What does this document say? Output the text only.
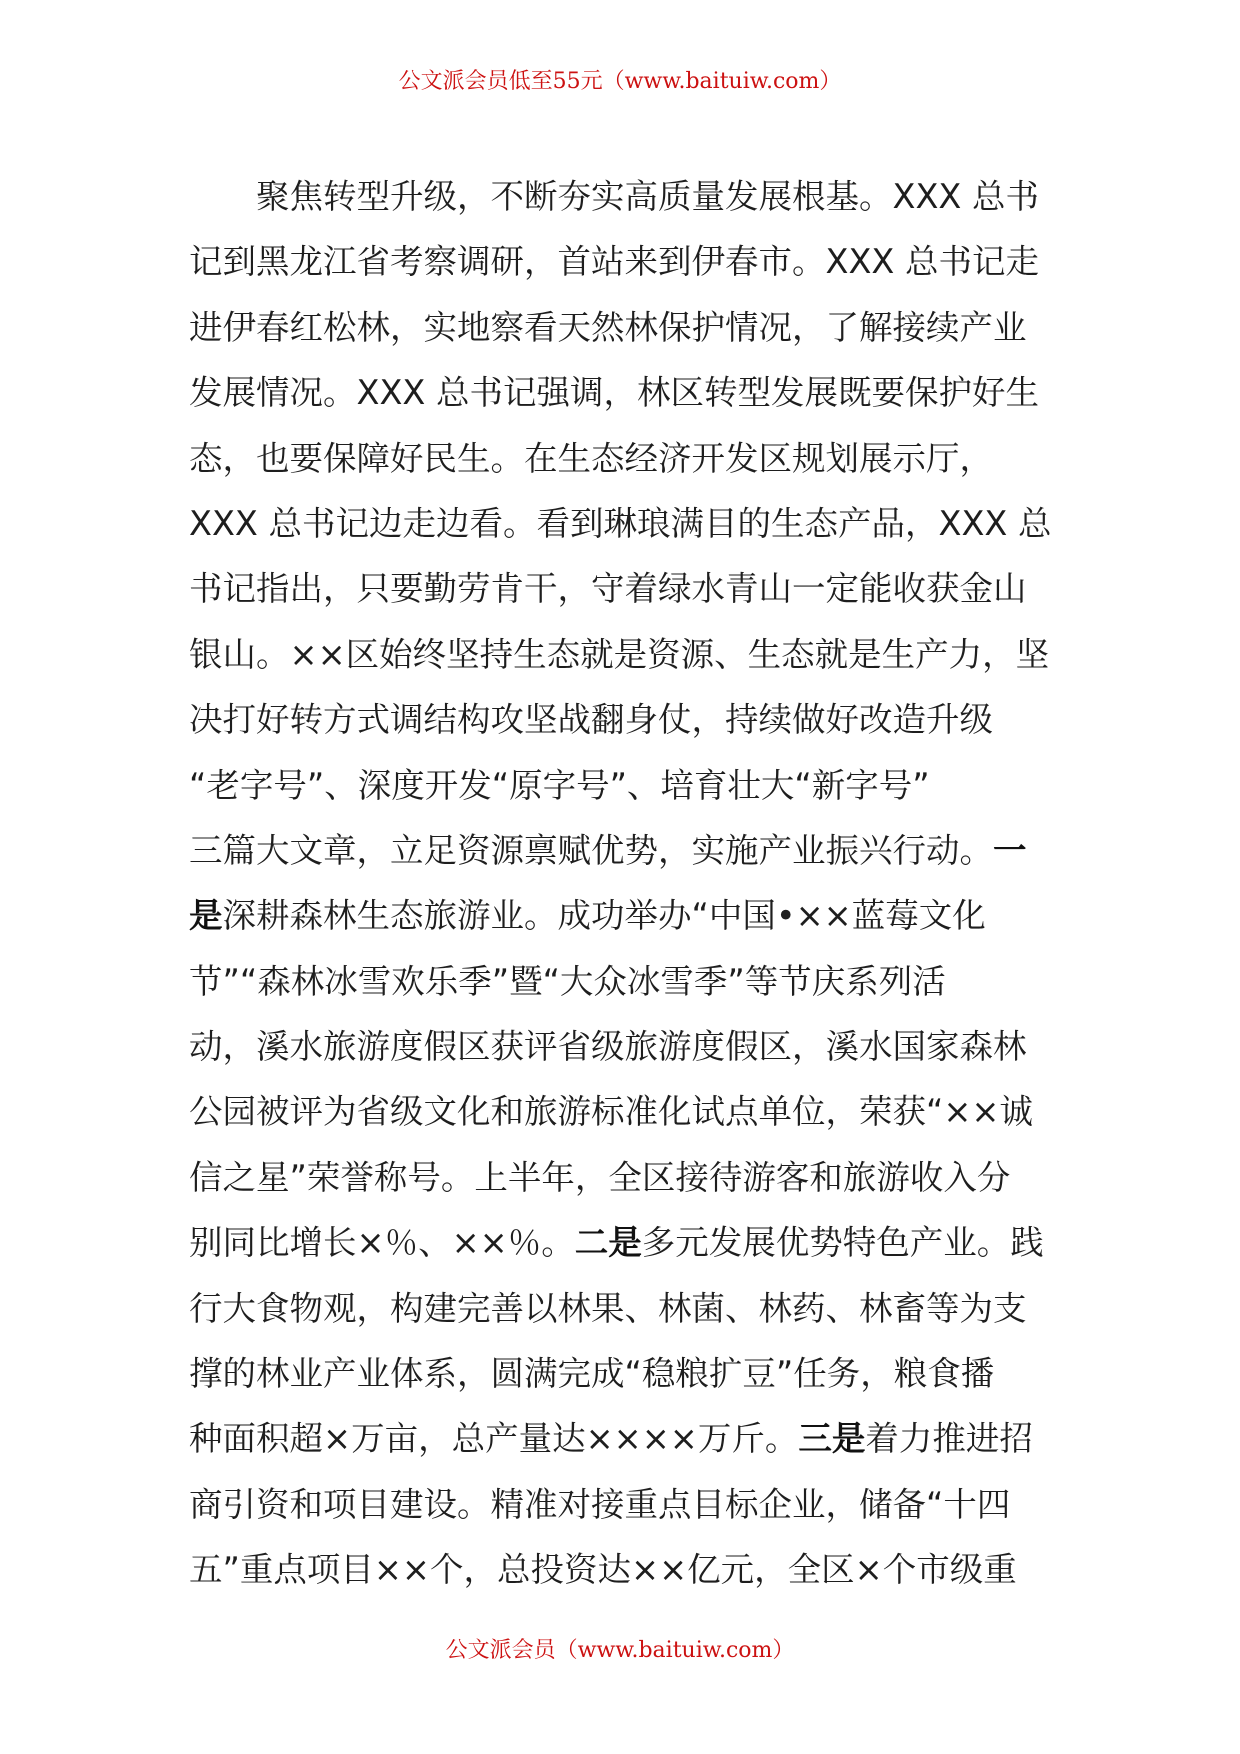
公文派会员低至55元（www.baituiw.com）
聚焦转型升级，不断夯实高质量发展根基。XXX 总书
记到黑龙江省考察调研，首站来到伊春市。XXX 总书记走
进伊春红松林，实地察看天然林保护情况，了解接续产业
发展情况。XXX 总书记强调，林区转型发展既要保护好生
态，也要保障好民生。在生态经济开发区规划展示厅，
XXX 总书记边走边看。看到琳琅满目的生态产品，XXX 总
书记指出，只要勤劳肯干，守着绿水青山一定能收获金山
银山。××区始终坚持生态就是资源、生态就是生产力，坚
决打好转方式调结构攻坚战翻身仗，持续做好改造升级
“老字号”、深度开发“原字号”、培育壮大“新字号”
三篇大文章，立足资源禀赋优势，实施产业振兴行动。一
是深耕森林生态旅游业。成功举办“中国•××蓝莓文化
节”“森林冰雪欢乐季”暨“大众冰雪季”等节庆系列活
动，溪水旅游度假区获评省级旅游度假区，溪水国家森林
公园被评为省级文化和旅游标准化试点单位，荣获“××诚
信之星”荣誉称号。上半年，全区接待游客和旅游收入分
别同比增长×％、××％。二是多元发展优势特色产业。践
行大食物观，构建完善以林果、林菌、林药、林畜等为支
撑的林业产业体系，圆满完成“稳粮扩豆”任务，粮食播
种面积超×万亩，总产量达××××万斤。三是着力推进招
商引资和项目建设。精准对接重点目标企业，储备“十四
五”重点项目××个，总投资达××亿元，全区×个市级重
公文派会员（www.baituiw.com）
